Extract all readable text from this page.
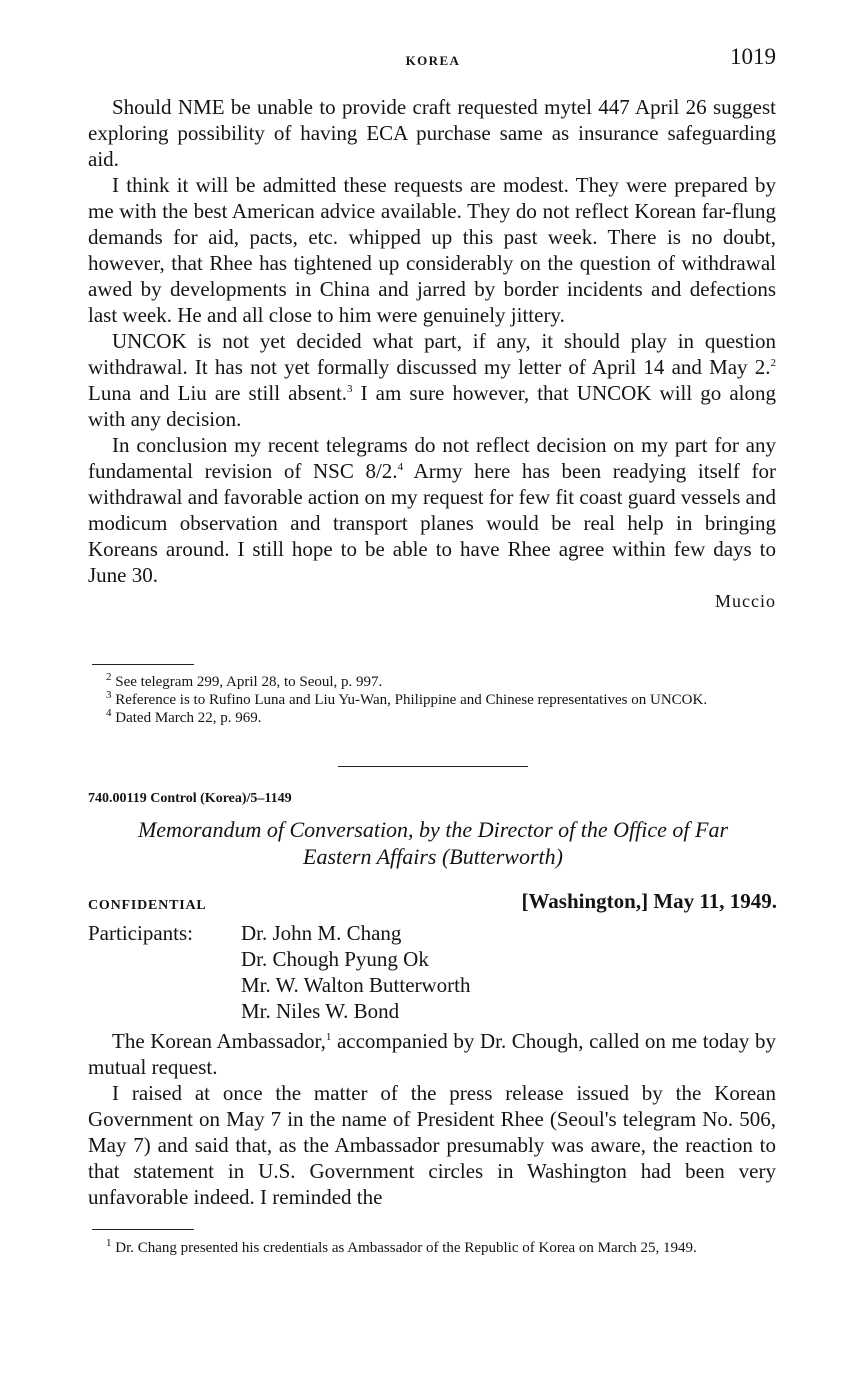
KOREA	1019

Should NME be unable to provide craft requested mytel 447 April 26 suggest exploring possibility of having ECA purchase same as insurance safeguarding aid.

I think it will be admitted these requests are modest. They were prepared by me with the best American advice available. They do not reflect Korean far-flung demands for aid, pacts, etc. whipped up this past week. There is no doubt, however, that Rhee has tightened up considerably on the question of withdrawal awed by developments in China and jarred by border incidents and defections last week. He and all close to him were genuinely jittery.

UNCOK is not yet decided what part, if any, it should play in question withdrawal. It has not yet formally discussed my letter of April 14 and May 2.$^2$ Luna and Liu are still absent.$^3$ I am sure however, that UNCOK will go along with any decision.

In conclusion my recent telegrams do not reflect decision on my part for any fundamental revision of NSC 8/2.$^4$ Army here has been readying itself for withdrawal and favorable action on my request for few fit coast guard vessels and modicum observation and transport planes would be real help in bringing Koreans around. I still hope to be able to have Rhee agree within few days to June 30.

Muccio

$^2$ See telegram 299, April 28, to Seoul, p. 997.

$^3$ Reference is to Rufino Luna and Liu Yu-Wan, Philippine and Chinese representatives on UNCOK.

$^4$ Dated March 22, p. 969.

740.00119 Control (Korea)/5–1149
Memorandum of Conversation, by the Director of the Office of Far
Eastern Affairs (Butterworth)
CONFIDENTIAL	[Washington,] May 11, 1949.
Participants: Dr. John M. Chang
Dr. Chough Pyung Ok
Mr. W. Walton Butterworth
Mr. Niles W. Bond

The Korean Ambassador,$^1$ accompanied by Dr. Chough, called on me today by mutual request.

I raised at once the matter of the press release issued by the Korean Government on May 7 in the name of President Rhee (Seoul's telegram No. 506, May 7) and said that, as the Ambassador presumably was aware, the reaction to that statement in U.S. Government circles in Washington had been very unfavorable indeed. I reminded the

$^1$ Dr. Chang presented his credentials as Ambassador of the Republic of Korea on March 25, 1949.
